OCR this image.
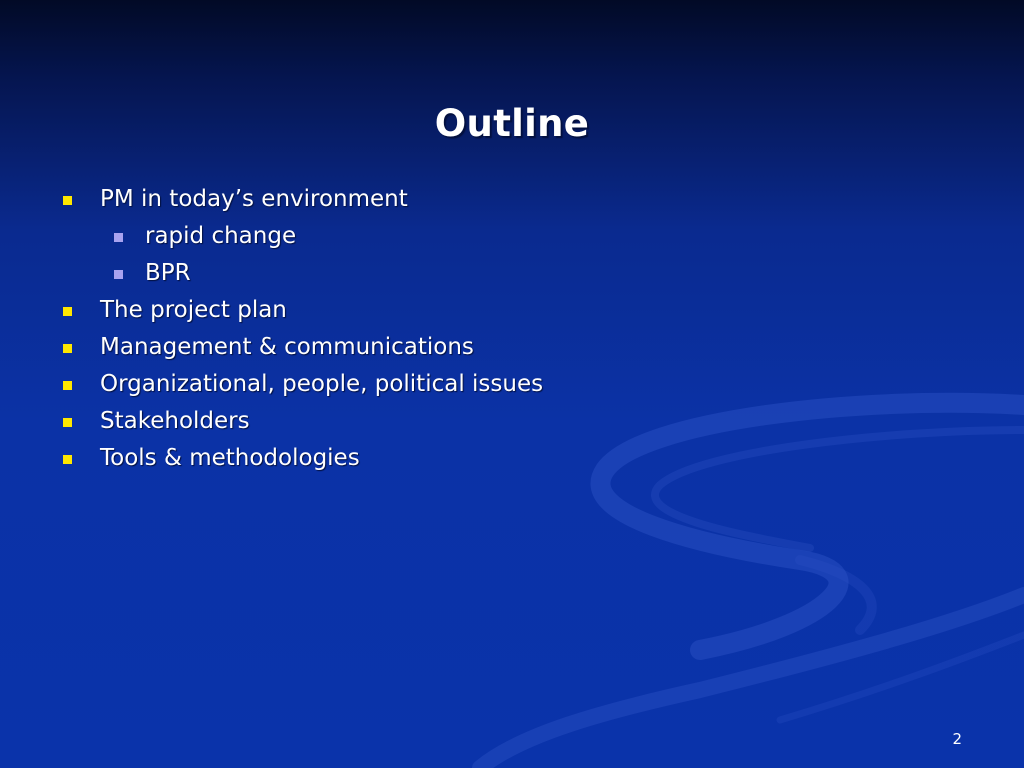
Outline
PM in today’s environment
rapid change
BPR
The project plan
Management & communications
Organizational, people, political issues
Stakeholders
Tools & methodologies
2
